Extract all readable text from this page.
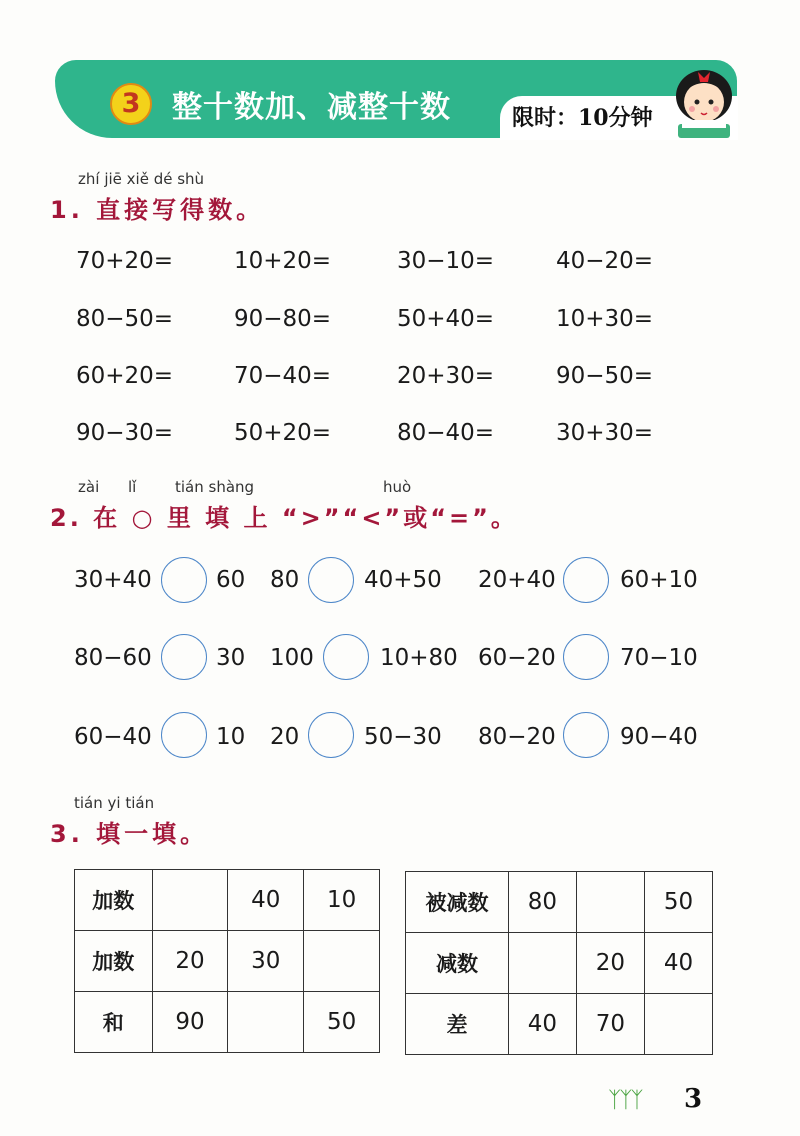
3	整十数加、减整十数	限时：10分钟
zhí jiē xiě dé shù
1. 直接写得数。
70+20=	10+20=	30−10=	40−20=
80−50=	90−80=	50+40=	10+30=
60+20=	70−40=	20+30=	90−50=
90−30=	50+20=	80−40=	30+30=
zài lǐ	tián shàng	huò
2. 在 ○ 里 填 上 “>”“<”或“=”。
30+40	60 80	40+50 20+40	60+10
80−60	30 100	10+80 60−20	70−10
60−40	10 20	50−30 80−20	90−40
tián yi tián
3. 填一填。
加数		40	10
加数	20	30	
和	90		50
被减数	80		50
减数		20	40
差	40	70	
ᛉᛉᛉ 3
